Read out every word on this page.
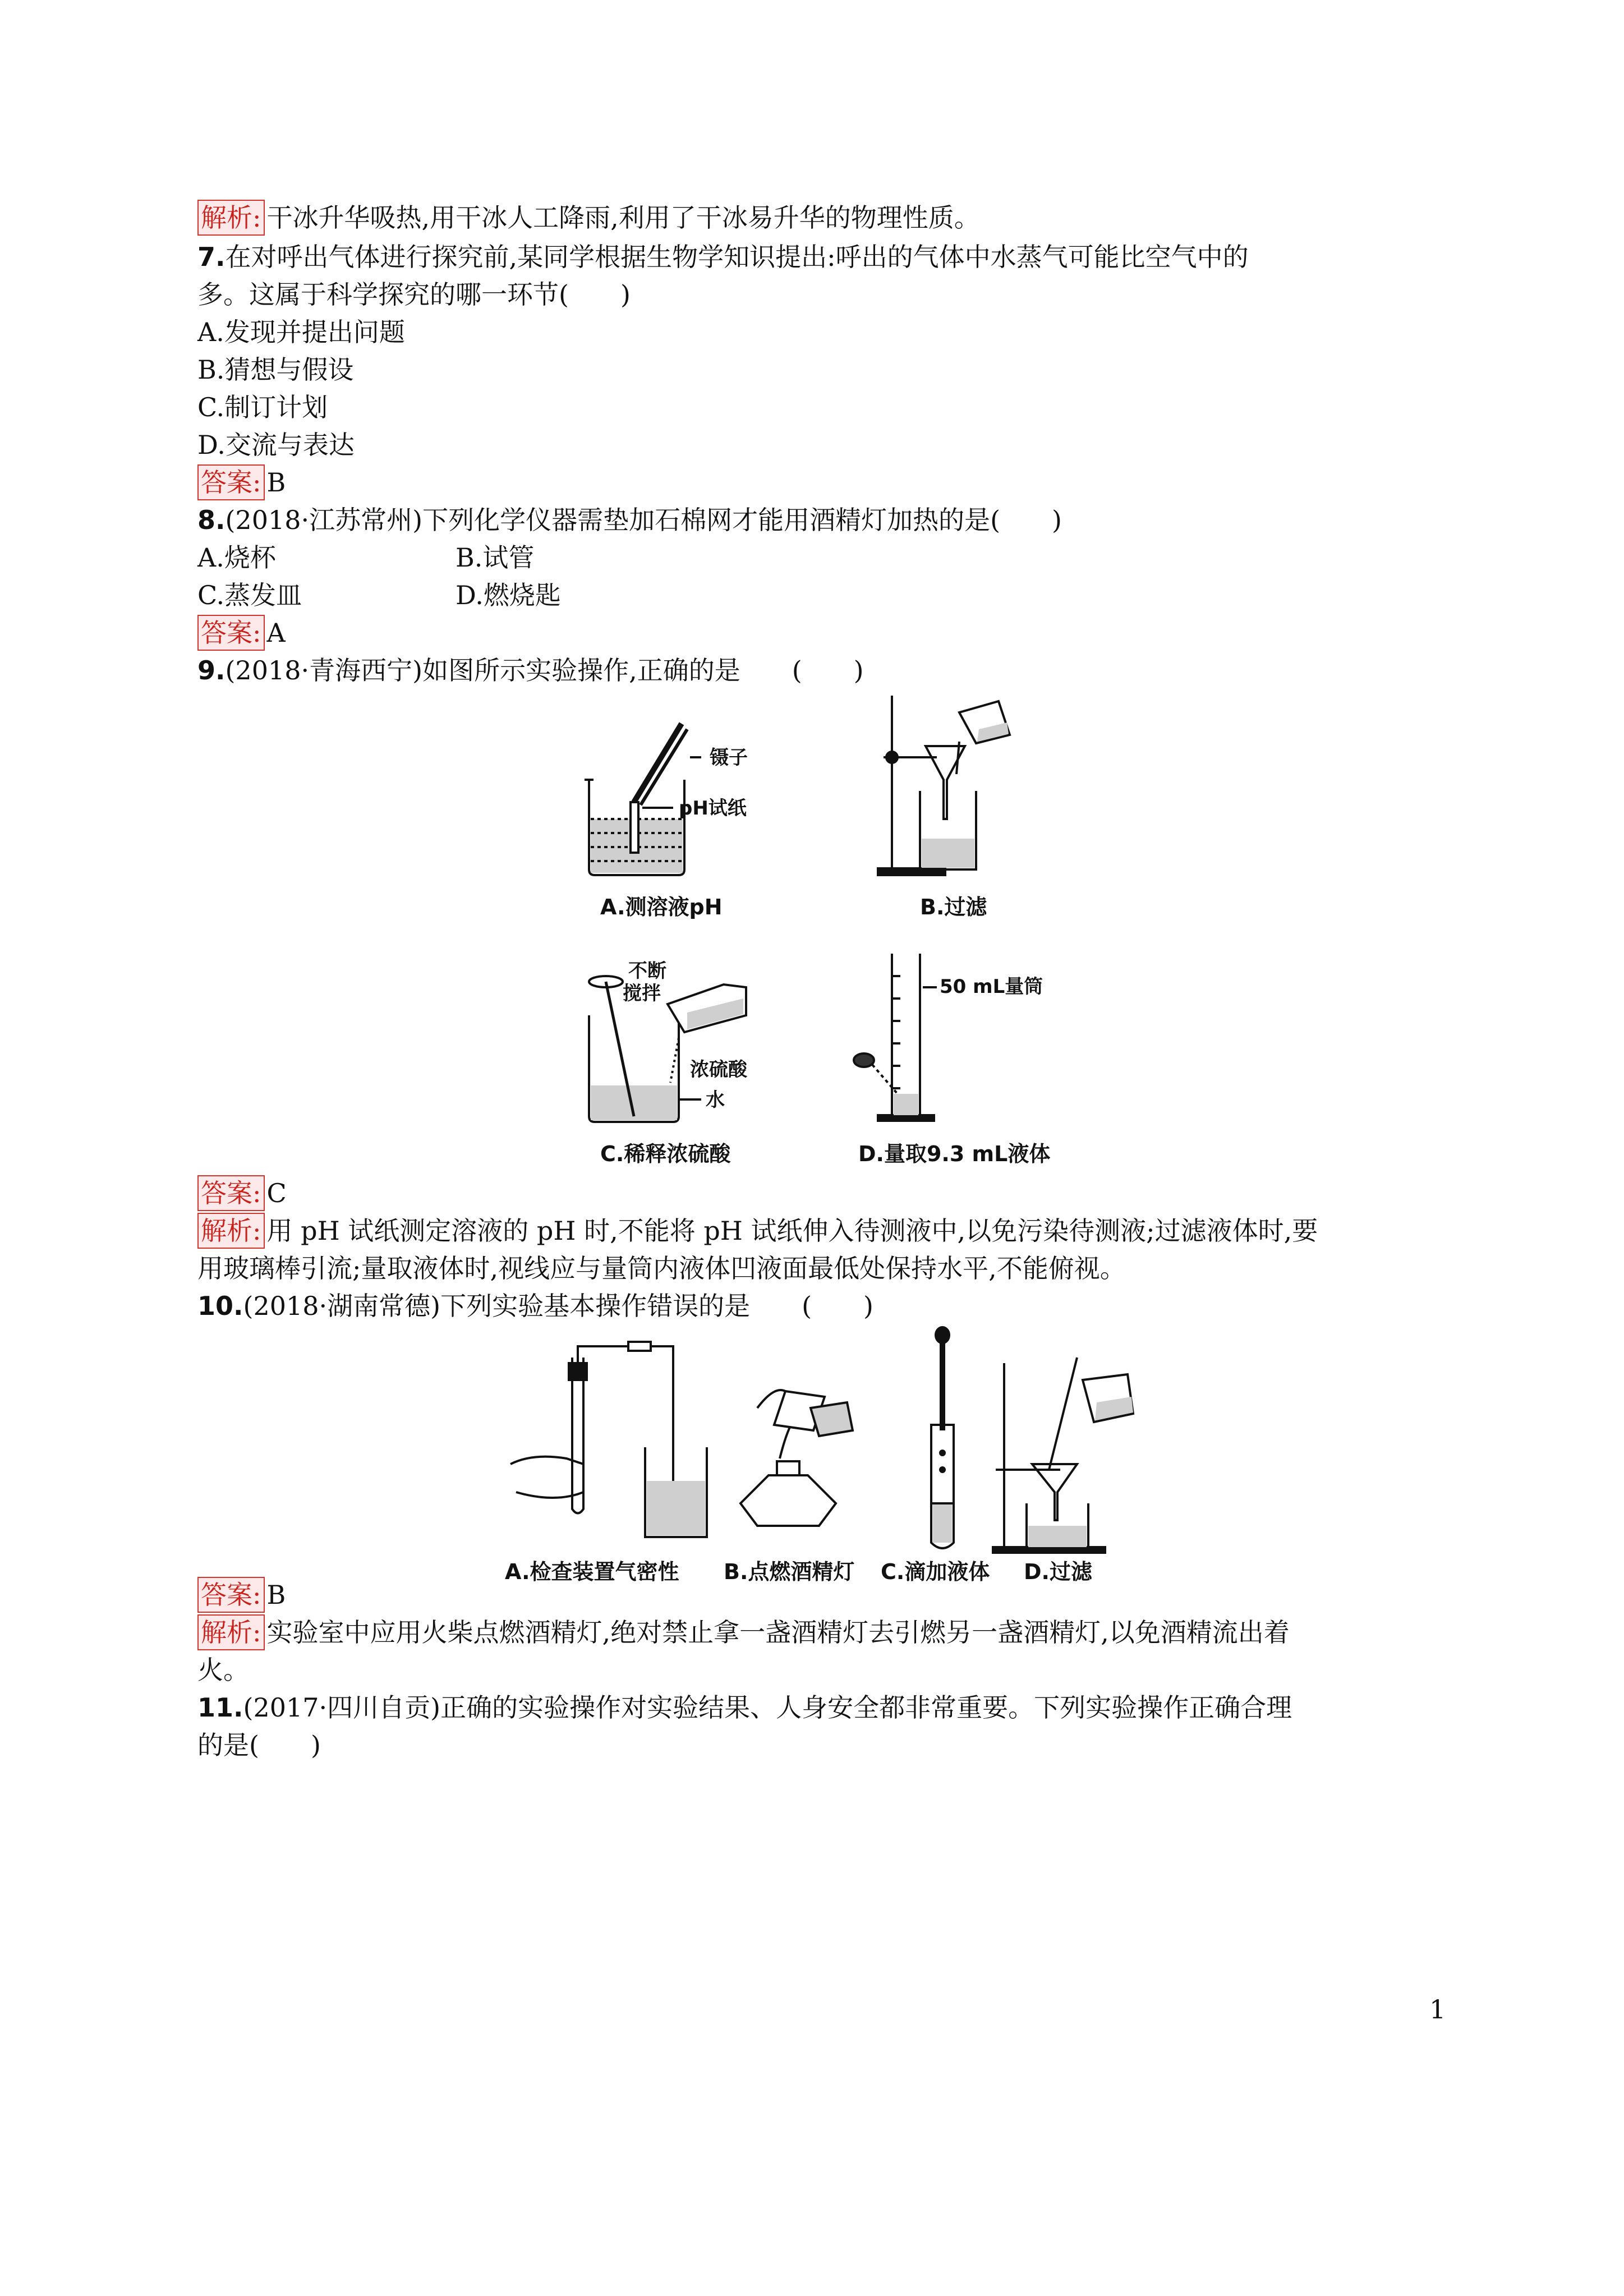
解析: 干冰升华吸热,用干冰人工降雨,利用了干冰易升华的物理性质。
7.在对呼出气体进行探究前,某同学根据生物学知识提出:呼出的气体中水蒸气可能比空气中的
多。这属于科学探究的哪一环节(　　)
A.发现并提出问题
B.猜想与假设
C.制订计划
D.交流与表达
答案: B
8.(2018·江苏常州)下列化学仪器需垫加石棉网才能用酒精灯加热的是(　　)
A.烧杯	B.试管
C.蒸发皿	D.燃烧匙
答案: A
9.(2018·青海西宁)如图所示实验操作,正确的是　　(　　)
镊子
pH试纸
A.测溶液pH	B.过滤
不断
搅拌
浓硫酸
水
C.稀释浓硫酸
50 mL量筒
D.量取9.3 mL液体
答案: C
解析: 用 pH 试纸测定溶液的 pH 时,不能将 pH 试纸伸入待测液中,以免污染待测液;过滤液体时,要
用玻璃棒引流;量取液体时,视线应与量筒内液体凹液面最低处保持水平,不能俯视。
10.(2018·湖南常德)下列实验基本操作错误的是　　(　　)
A.检查装置气密性 B.点燃酒精灯 C.滴加液体 D.过滤
答案: B
解析: 实验室中应用火柴点燃酒精灯,绝对禁止拿一盏酒精灯去引燃另一盏酒精灯,以免酒精流出着
火。
11.(2017·四川自贡)正确的实验操作对实验结果、人身安全都非常重要。下列实验操作正确合理
的是(　　)
1
